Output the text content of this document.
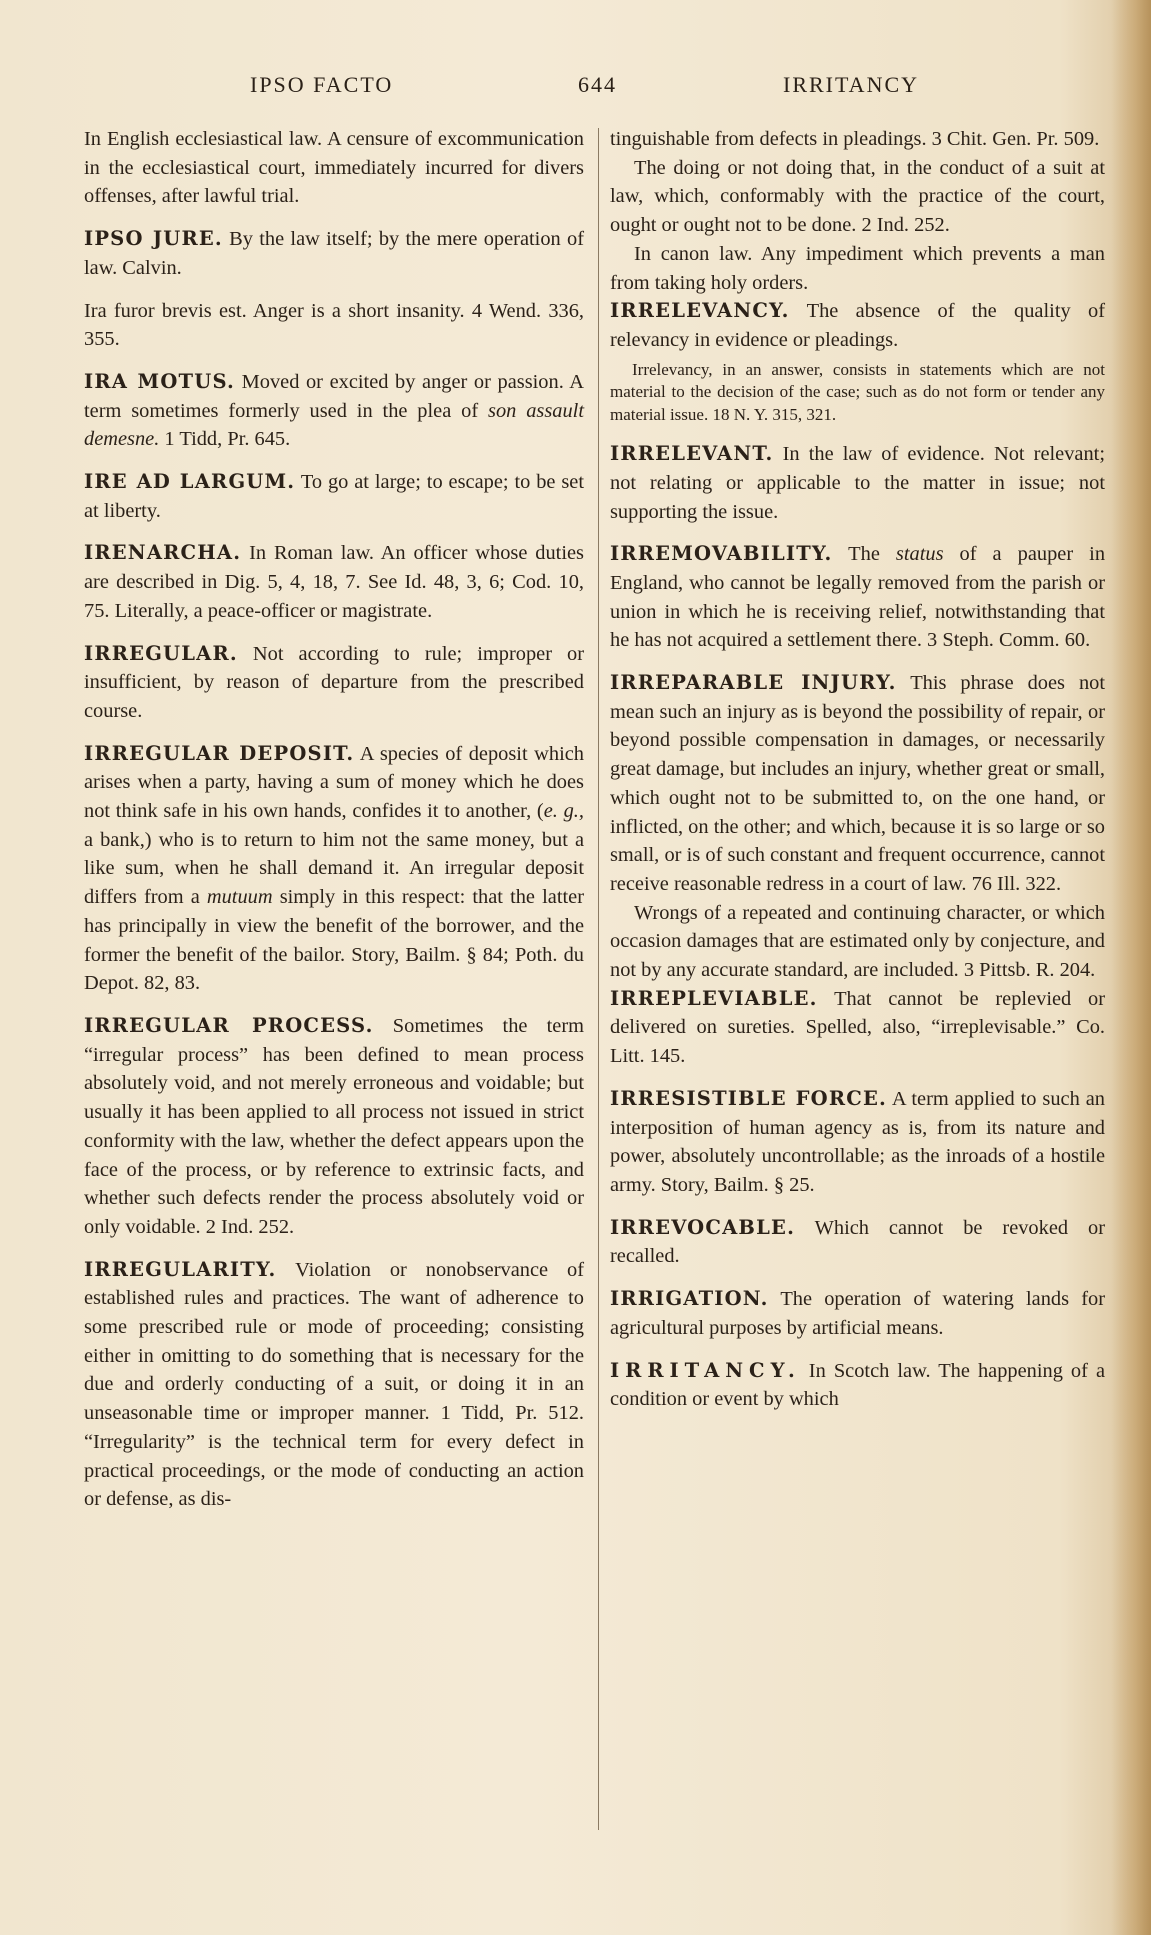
IPSO FACTO	644	IRRITANCY

In English ecclesiastical law. A censure of excommunication in the ecclesiastical court, immediately incurred for divers offenses, after lawful trial.

IPSO JURE. By the law itself; by the mere operation of law. Calvin.

Ira furor brevis est. Anger is a short insanity. 4 Wend. 336, 355.

IRA MOTUS. Moved or excited by anger or passion. A term sometimes formerly used in the plea of son assault demesne. 1 Tidd, Pr. 645.

IRE AD LARGUM. To go at large; to escape; to be set at liberty.

IRENARCHA. In Roman law. An officer whose duties are described in Dig. 5, 4, 18, 7. See Id. 48, 3, 6; Cod. 10, 75. Literally, a peace-officer or magistrate.

IRREGULAR. Not according to rule; improper or insufficient, by reason of departure from the prescribed course.

IRREGULAR DEPOSIT. A species of deposit which arises when a party, having a sum of money which he does not think safe in his own hands, confides it to another, (e. g., a bank,) who is to return to him not the same money, but a like sum, when he shall demand it. An irregular deposit differs from a mutuum simply in this respect: that the latter has principally in view the benefit of the borrower, and the former the benefit of the bailor. Story, Bailm. § 84; Poth. du Depot. 82, 83.

IRREGULAR PROCESS. Sometimes the term “irregular process” has been defined to mean process absolutely void, and not merely erroneous and voidable; but usually it has been applied to all process not issued in strict conformity with the law, whether the defect appears upon the face of the process, or by reference to extrinsic facts, and whether such defects render the process absolutely void or only voidable. 2 Ind. 252.

IRREGULARITY. Violation or nonobservance of established rules and practices. The want of adherence to some prescribed rule or mode of proceeding; consisting either in omitting to do something that is necessary for the due and orderly conducting of a suit, or doing it in an unseasonable time or improper manner. 1 Tidd, Pr. 512. “Irregularity” is the technical term for every defect in practical proceedings, or the mode of conducting an action or defense, as dis-

tinguishable from defects in pleadings. 3 Chit. Gen. Pr. 509.

The doing or not doing that, in the conduct of a suit at law, which, conformably with the practice of the court, ought or ought not to be done. 2 Ind. 252.

In canon law. Any impediment which prevents a man from taking holy orders.

IRRELEVANCY. The absence of the quality of relevancy in evidence or pleadings.

Irrelevancy, in an answer, consists in statements which are not material to the decision of the case; such as do not form or tender any material issue. 18 N. Y. 315, 321.

IRRELEVANT. In the law of evidence. Not relevant; not relating or applicable to the matter in issue; not supporting the issue.

IRREMOVABILITY. The status of a pauper in England, who cannot be legally removed from the parish or union in which he is receiving relief, notwithstanding that he has not acquired a settlement there. 3 Steph. Comm. 60.

IRREPARABLE INJURY. This phrase does not mean such an injury as is beyond the possibility of repair, or beyond possible compensation in damages, or necessarily great damage, but includes an injury, whether great or small, which ought not to be submitted to, on the one hand, or inflicted, on the other; and which, because it is so large or so small, or is of such constant and frequent occurrence, cannot receive reasonable redress in a court of law. 76 Ill. 322.

Wrongs of a repeated and continuing character, or which occasion damages that are estimated only by conjecture, and not by any accurate standard, are included. 3 Pittsb. R. 204.

IRREPLEVIABLE. That cannot be replevied or delivered on sureties. Spelled, also, “irreplevisable.” Co. Litt. 145.

IRRESISTIBLE FORCE. A term applied to such an interposition of human agency as is, from its nature and power, absolutely uncontrollable; as the inroads of a hostile army. Story, Bailm. § 25.

IRREVOCABLE. Which cannot be revoked or recalled.

IRRIGATION. The operation of watering lands for agricultural purposes by artificial means.

IRRITANCY. In Scotch law. The happening of a condition or event by which
